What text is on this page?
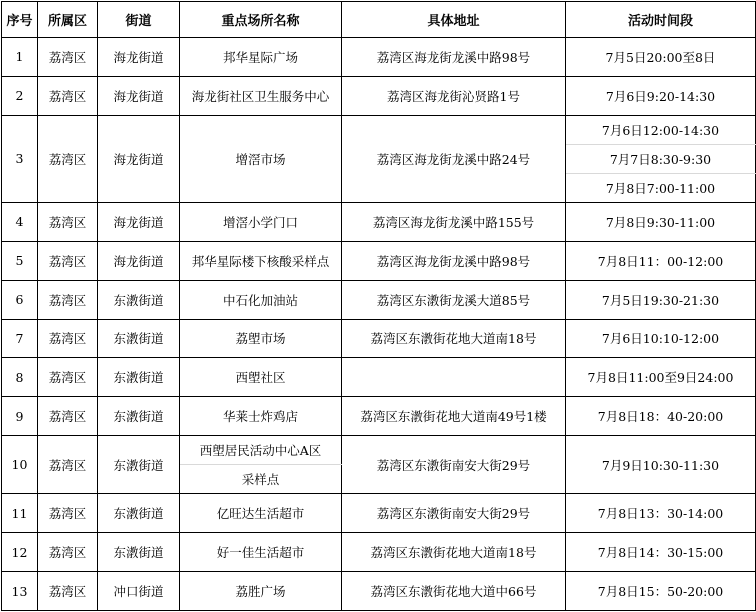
序号	所属区	街道	重点场所名称	具体地址	活动时间段
1	荔湾区	海龙街道	邦华星际广场	荔湾区海龙街龙溪中路98号	7月5日20:00至8日
2	荔湾区	海龙街道	海龙街社区卫生服务中心	荔湾区海龙街沁贤路1号	7月6日9:20-14:30
3	荔湾区	海龙街道	增滘市场	荔湾区海龙街龙溪中路24号	7月6日12:00-14:30
					7月7日8:30-9:30
					7月8日7:00-11:00
4	荔湾区	海龙街道	增滘小学门口	荔湾区海龙街龙溪中路155号	7月8日9:30-11:00
5	荔湾区	海龙街道	邦华星际楼下核酸采样点	荔湾区海龙街龙溪中路98号	7月8日11：00-12:00
6	荔湾区	东漖街道	中石化加油站	荔湾区东漖街龙溪大道85号	7月5日19:30-21:30
7	荔湾区	东漖街道	荔塱市场	荔湾区东漖街花地大道南18号	7月6日10:10-12:00
8	荔湾区	东漖街道	西塱社区		7月8日11:00至9日24:00
9	荔湾区	东漖街道	华莱士炸鸡店	荔湾区东漖街花地大道南49号1楼	7月8日18：40-20:00
10	荔湾区	东漖街道	西塱居民活动中心A区	荔湾区东漖街南安大街29号	7月9日10:30-11:30
			采样点		
11	荔湾区	东漖街道	亿旺达生活超市	荔湾区东漖街南安大街29号	7月8日13：30-14:00
12	荔湾区	东漖街道	好一佳生活超市	荔湾区东漖街花地大道南18号	7月8日14：30-15:00
13	荔湾区	冲口街道	荔胜广场	荔湾区东漖街花地大道中66号	7月8日15：50-20:00
